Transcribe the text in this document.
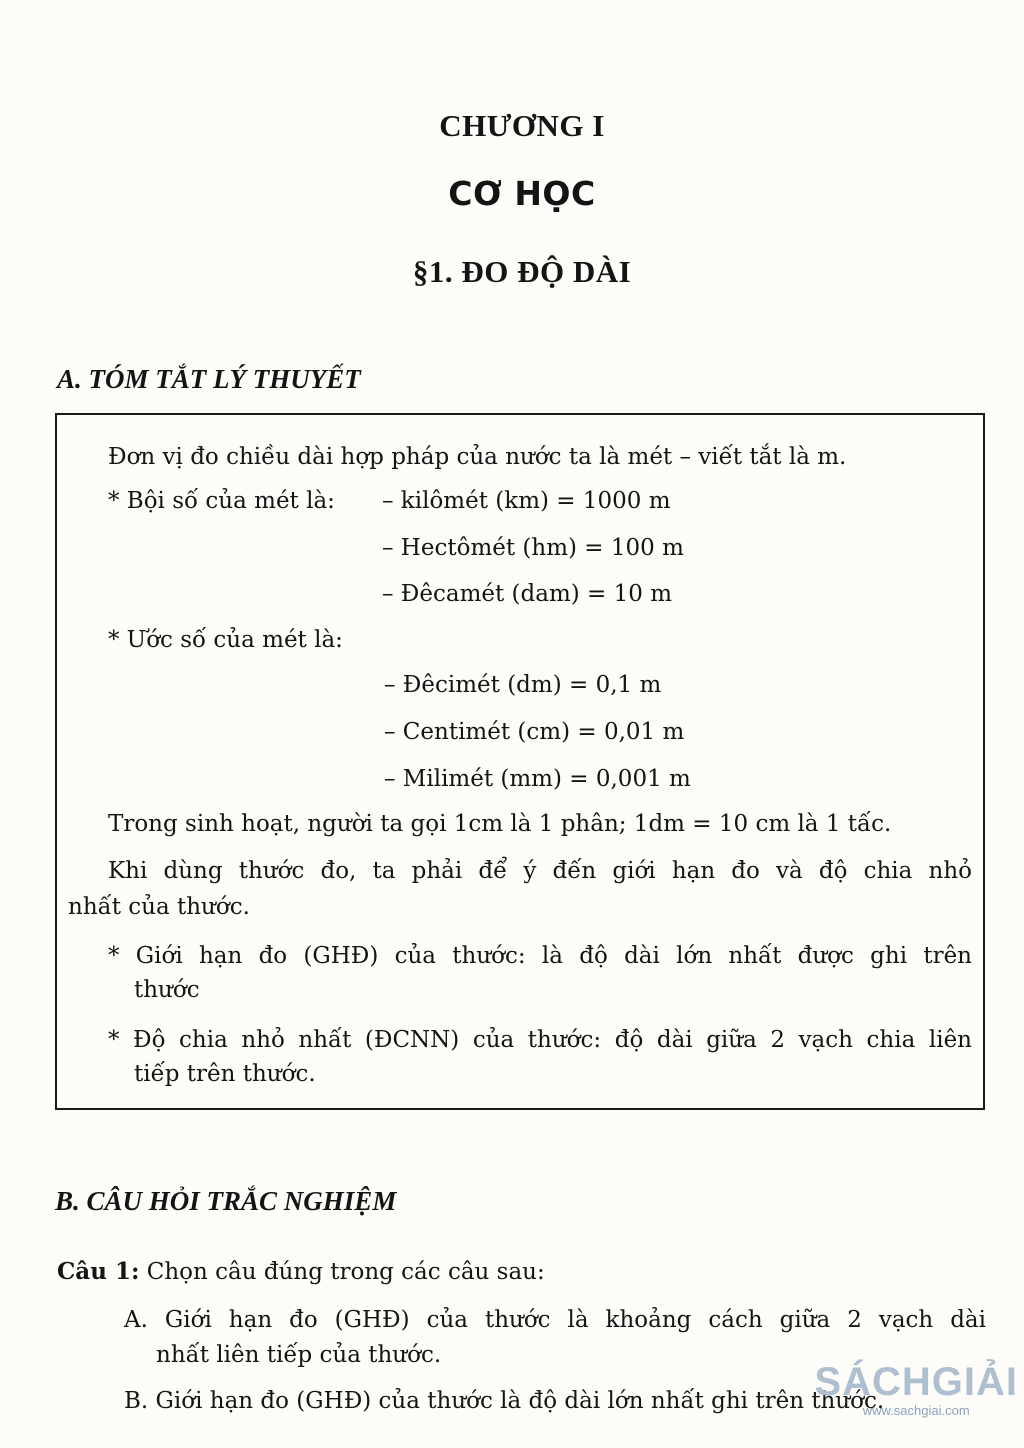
CHƯƠNG I
CƠ HỌC
§1. ĐO ĐỘ DÀI
A. TÓM TẮT LÝ THUYẾT
Đơn vị đo chiều dài hợp pháp của nước ta là mét – viết tắt là m.
* Bội số của mét là: – kilômét (km) = 1000 m
– Hectômét (hm) = 100 m
– Đêcamét (dam) = 10 m
* Ước số của mét là:
– Đêcimét (dm) = 0,1 m
– Centimét (cm) = 0,01 m
– Milimét (mm) = 0,001 m
Trong sinh hoạt, người ta gọi 1cm là 1 phân; 1dm = 10 cm là 1 tấc.
Khi dùng thước đo, ta phải để ý đến giới hạn đo và độ chia nhỏ
nhất của thước.
* Giới hạn đo (GHĐ) của thước: là độ dài lớn nhất được ghi trên
thước
* Độ chia nhỏ nhất (ĐCNN) của thước: độ dài giữa 2 vạch chia liên
tiếp trên thước.
B. CÂU HỎI TRẮC NGHIỆM
Câu 1: Chọn câu đúng trong các câu sau:
A. Giới hạn đo (GHĐ) của thước là khoảng cách giữa 2 vạch dài
nhất liên tiếp của thước.
B. Giới hạn đo (GHĐ) của thước là độ dài lớn nhất ghi trên thước.
SÁCHGIẢI
www.sachgiai.com
